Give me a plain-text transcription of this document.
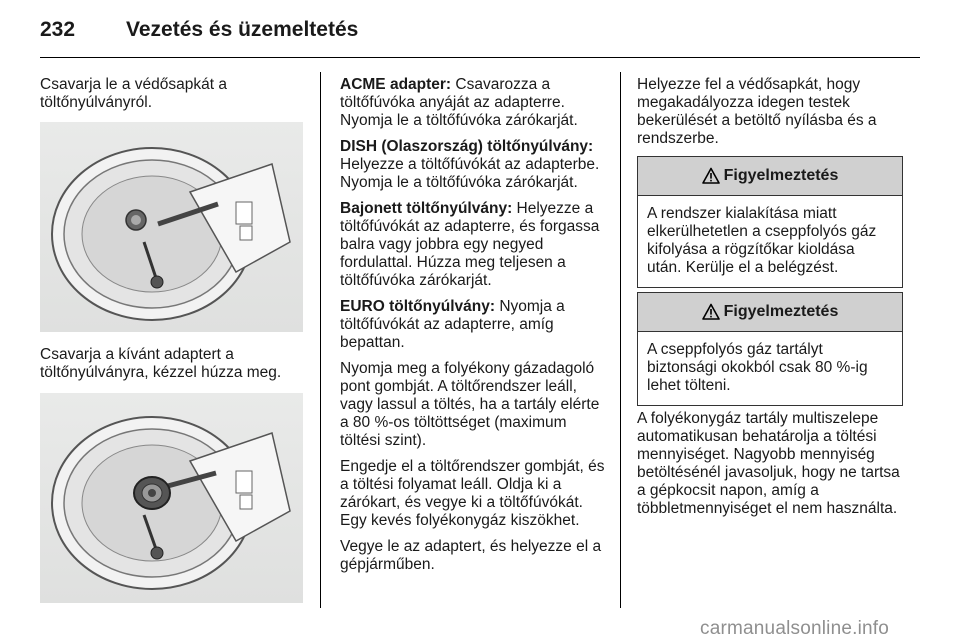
232 Vezetés és üzemeltetés
Csavarja le a védősapkát a töltőnyúlványról.
Csavarja a kívánt adaptert a töltőnyúlványra, kézzel húzza meg.

ACME adapter: Csavarozza a töltőfúvóka anyáját az adapterre. Nyomja le a töltőfúvóka zárókarját.

DISH (Olaszország) töltőnyúlvány: Helyezze a töltőfúvókát az adapterbe. Nyomja le a töltőfúvóka zárókarját.

Bajonett töltőnyúlvány: Helyezze a töltőfúvókát az adapterre, és forgassa balra vagy jobbra egy negyed fordulattal. Húzza meg teljesen a töltőfúvóka zárókarját.

EURO töltőnyúlvány: Nyomja a töltőfúvókát az adapterre, amíg bepattan.

Nyomja meg a folyékony gázadagoló pont gombját. A töltőrendszer leáll, vagy lassul a töltés, ha a tartály elérte a 80 %-os töltöttséget (maximum töltési szint).

Engedje el a töltőrendszer gombját, és a töltési folyamat leáll. Oldja ki a zárókart, és vegye ki a töltőfúvókát. Egy kevés folyékonygáz kiszökhet.

Vegye le az adaptert, és helyezze el a gépjárműben.

Helyezze fel a védősapkát, hogy megakadályozza idegen testek bekerülését a betöltő nyílásba és a rendszerbe.
Figyelmeztetés
A rendszer kialakítása miatt elkerülhetetlen a cseppfolyós gáz kifolyása a rögzítőkar kioldása után. Kerülje el a belégzést.
Figyelmeztetés
A cseppfolyós gáz tartályt biztonsági okokból csak 80 %-ig lehet tölteni.
A folyékonygáz tartály multiszelepe automatikusan behatárolja a töltési mennyiséget. Nagyobb mennyiség betöltésénél javasoljuk, hogy ne tartsa a gépkocsit napon, amíg a többletmennyiséget el nem használta.
carmanualsonline.info
